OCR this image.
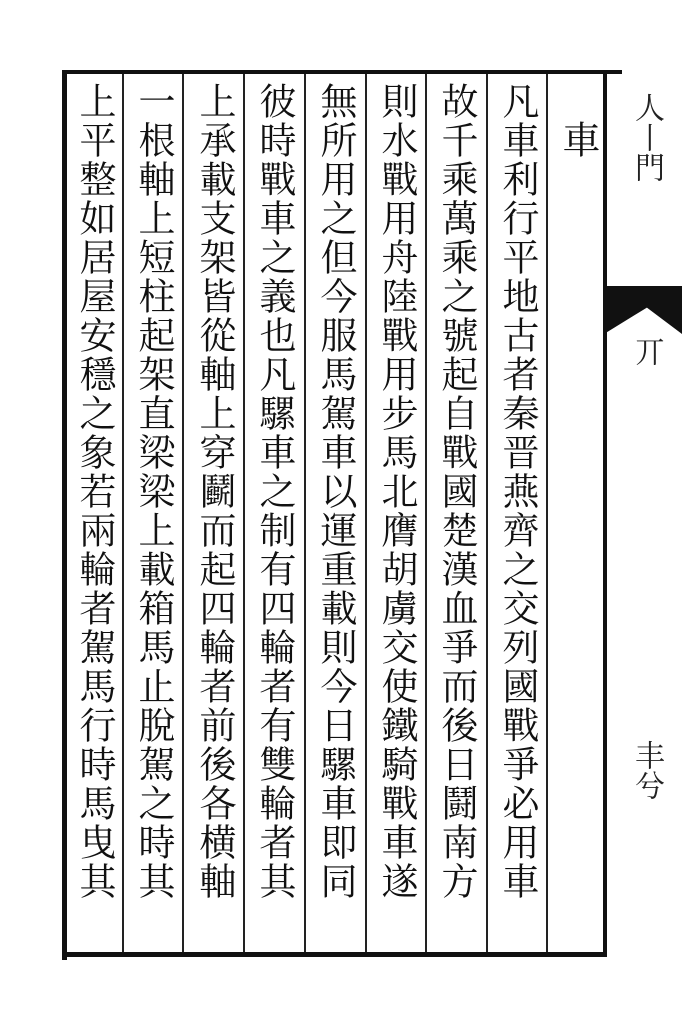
車
凡車利行平地古者秦晋燕齊之交列國戰爭必用車
故千乘萬乘之號起自戰國楚漢血爭而後日鬪南方
則水戰用舟陸戰用步馬北膺胡虜交使鐵騎戰車遂
無所用之但今服馬駕車以運重載則今日騾車即同
彼時戰車之義也凡騾車之制有四輪者有雙輪者其
上承載支架皆從軸上穿鬬而起四輪者前後各横軸
一根軸上短柱起架直梁梁上載箱馬止脫駕之時其
上平整如居屋安穩之象若兩輪者駕馬行時馬曳其	人丨門
丌
丰兮
